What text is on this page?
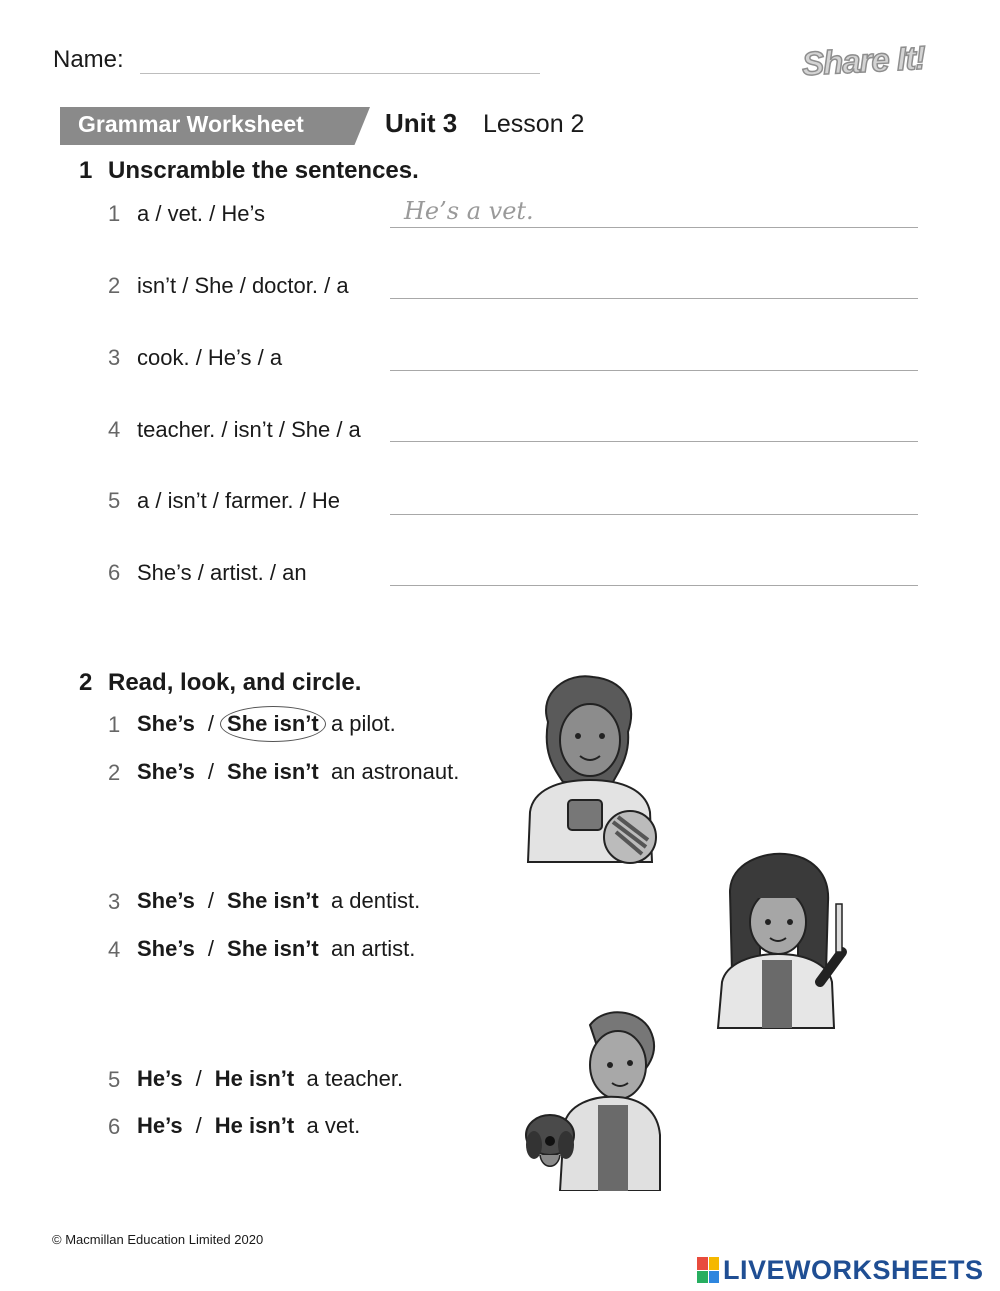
Name:	Share It!
Grammar Worksheet	Unit 3 Lesson 2
1 Unscramble the sentences.
1 a / vet. / He’s	He’s a vet.
2 isn’t / She / doctor. / a
3 cook. / He’s / a
4 teacher. / isn’t / She / a
5 a / isn’t / farmer. / He
6 She’s / artist. / an
2 Read, look, and circle.
1 She’s / She isn’t a pilot.
2 She’s / She isn’t an astronaut.
3 She’s / She isn’t a dentist.
4 She’s / She isn’t an artist.
5 He’s / He isn’t a teacher.
6 He’s / He isn’t a vet.
© Macmillan Education Limited 2020
LIVEWORKSHEETS
